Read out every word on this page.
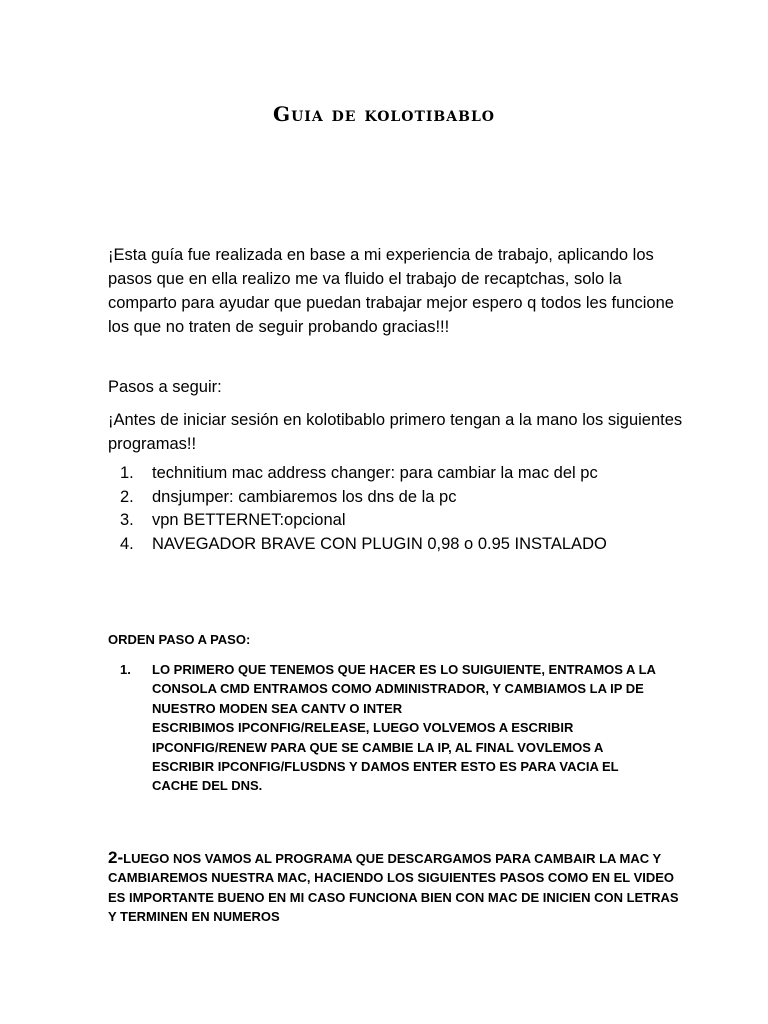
Guia de kolotibablo

¡Esta guía fue realizada en base a mi experiencia de trabajo, aplicando los pasos que en ella realizo me va fluido el trabajo de recaptchas, solo la comparto para ayudar que puedan trabajar mejor espero q todos les funcione los que no traten de seguir probando gracias!!!

Pasos a seguir:

¡Antes de iniciar sesión en kolotibablo primero tengan a la mano los siguientes programas!!

1. technitium mac address changer: para cambiar la mac del pc
2. dnsjumper: cambiaremos los dns de la pc
3. vpn BETTERNET:opcional
4. NAVEGADOR BRAVE CON PLUGIN 0,98 o 0.95 INSTALADO

ORDEN PASO A PASO:

1. LO PRIMERO QUE TENEMOS QUE HACER ES LO SUIGUIENTE, ENTRAMOS A LA CONSOLA CMD ENTRAMOS COMO ADMINISTRADOR, Y CAMBIAMOS LA IP DE NUESTRO MODEN SEA CANTV O INTER
ESCRIBIMOS IPCONFIG/RELEASE, LUEGO VOLVEMOS A ESCRIBIR IPCONFIG/RENEW PARA QUE SE CAMBIE LA IP, AL FINAL VOVLEMOS A ESCRIBIR IPCONFIG/FLUSDNS Y DAMOS ENTER ESTO ES PARA VACIA EL CACHE DEL DNS.

2-LUEGO NOS VAMOS AL PROGRAMA QUE DESCARGAMOS PARA CAMBAIR LA MAC Y CAMBIAREMOS NUESTRA MAC, HACIENDO LOS SIGUIENTES PASOS COMO EN EL VIDEO ES IMPORTANTE BUENO EN MI CASO FUNCIONA BIEN CON MAC DE INICIEN CON LETRAS Y TERMINEN EN NUMEROS
